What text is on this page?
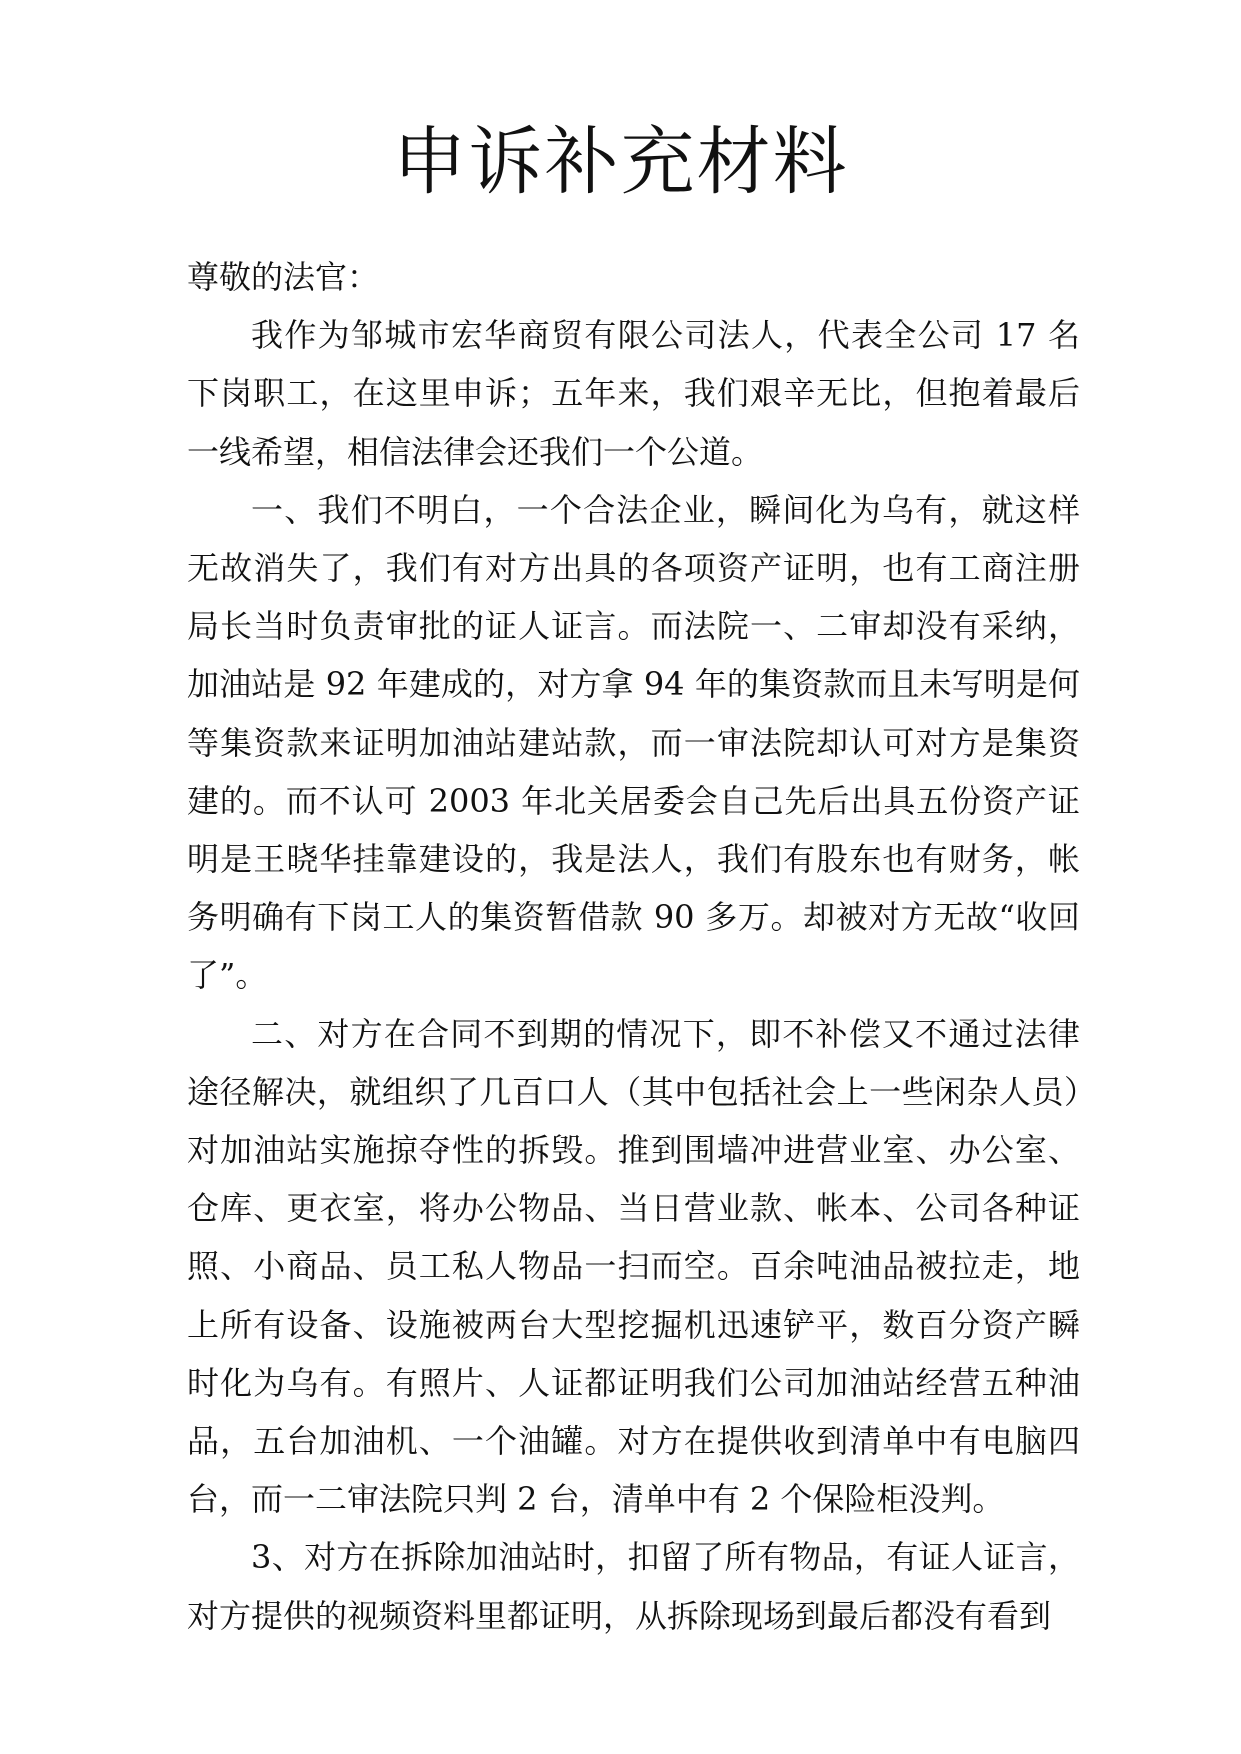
申诉补充材料

尊敬的法官：

我作为邹城市宏华商贸有限公司法人，代表全公司 17 名下岗职工，在这里申诉；五年来，我们艰辛无比，但抱着最后一线希望，相信法律会还我们一个公道。

一、我们不明白，一个合法企业，瞬间化为乌有，就这样无故消失了，我们有对方出具的各项资产证明，也有工商注册局长当时负责审批的证人证言。而法院一、二审却没有采纳，加油站是 92 年建成的，对方拿 94 年的集资款而且未写明是何等集资款来证明加油站建站款，而一审法院却认可对方是集资建的。而不认可 2003 年北关居委会自己先后出具五份资产证明是王晓华挂靠建设的，我是法人，我们有股东也有财务，帐务明确有下岗工人的集资暂借款 90 多万。却被对方无故“收回了”。

二、对方在合同不到期的情况下，即不补偿又不通过法律途径解决，就组织了几百口人（其中包括社会上一些闲杂人员）对加油站实施掠夺性的拆毁。推到围墙冲进营业室、办公室、仓库、更衣室，将办公物品、当日营业款、帐本、公司各种证照、小商品、员工私人物品一扫而空。百余吨油品被拉走，地上所有设备、设施被两台大型挖掘机迅速铲平，数百分资产瞬时化为乌有。有照片、人证都证明我们公司加油站经营五种油品，五台加油机、一个油罐。对方在提供收到清单中有电脑四台，而一二审法院只判 2 台，清单中有 2 个保险柜没判。

3、对方在拆除加油站时，扣留了所有物品，有证人证言，对方提供的视频资料里都证明，从拆除现场到最后都没有看到
